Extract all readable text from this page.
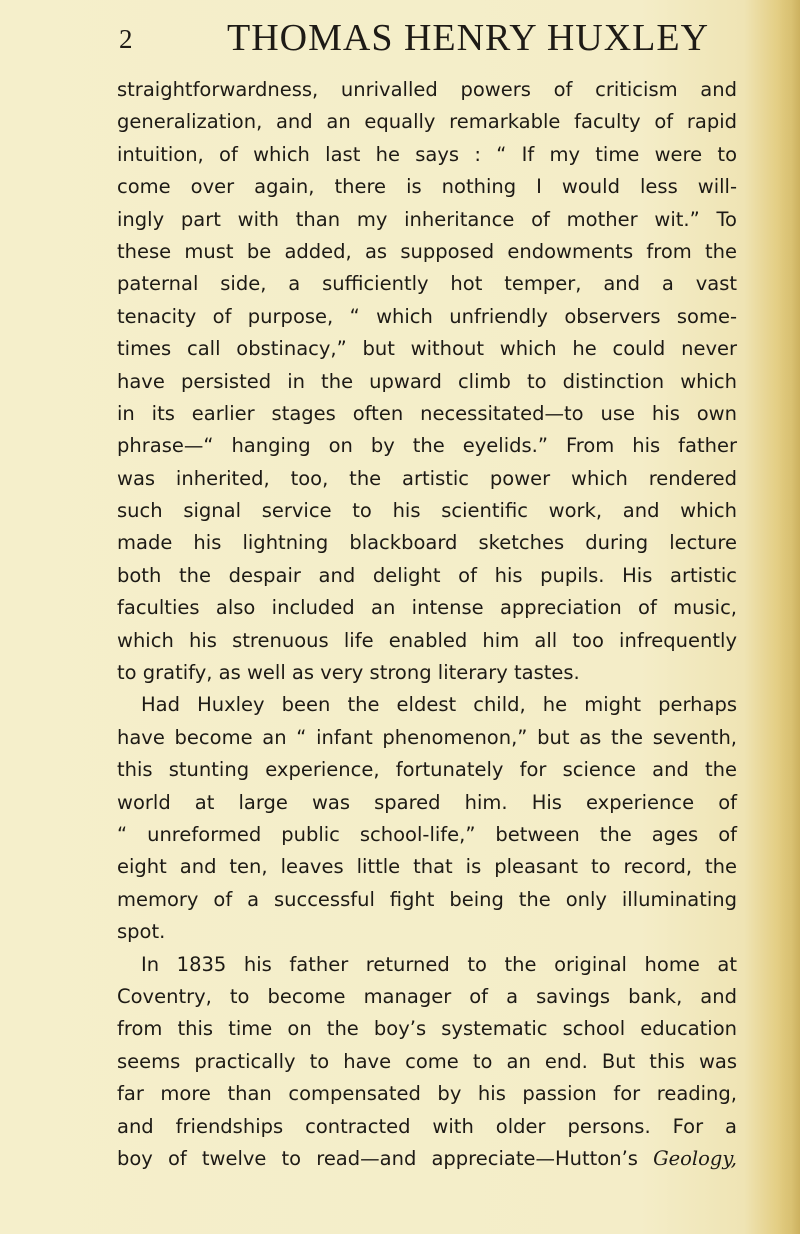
2 THOMAS HENRY HUXLEY
straightforwardness, unrivalled powers of criticism and
generalization, and an equally remarkable faculty of rapid
intuition, of which last he says : “ If my time were to
come over again, there is nothing I would less will-
ingly part with than my inheritance of mother wit.” To
these must be added, as supposed endowments from the
paternal side, a sufficiently hot temper, and a vast
tenacity of purpose, “ which unfriendly observers some-
times call obstinacy,” but without which he could never
have persisted in the upward climb to distinction which
in its earlier stages often necessitated—to use his own
phrase—“ hanging on by the eyelids.” From his father
was inherited, too, the artistic power which rendered
such signal service to his scientific work, and which
made his lightning blackboard sketches during lecture
both the despair and delight of his pupils. His artistic
faculties also included an intense appreciation of music,
which his strenuous life enabled him all too infrequently
to gratify, as well as very strong literary tastes.
Had Huxley been the eldest child, he might perhaps
have become an “ infant phenomenon,” but as the seventh,
this stunting experience, fortunately for science and the
world at large was spared him. His experience of
“ unreformed public school-life,” between the ages of
eight and ten, leaves little that is pleasant to record, the
memory of a successful fight being the only illuminating
spot.
In 1835 his father returned to the original home at
Coventry, to become manager of a savings bank, and
from this time on the boy’s systematic school education
seems practically to have come to an end. But this was
far more than compensated by his passion for reading,
and friendships contracted with older persons. For a
boy of twelve to read—and appreciate—Hutton’s Geology,
